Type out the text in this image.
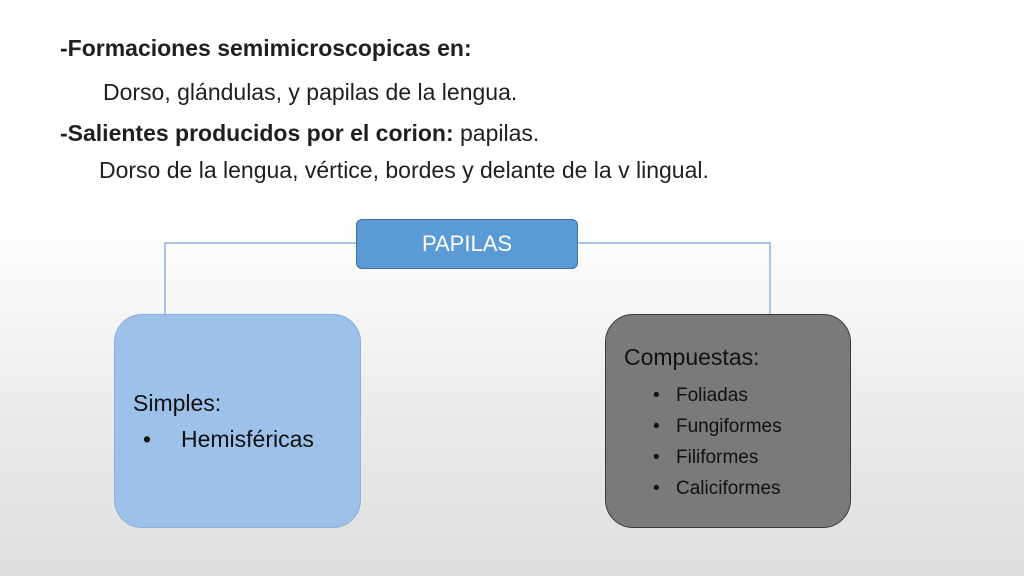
-Formaciones semimicroscopicas en:
Dorso, glándulas, y papilas de la lengua.
-Salientes producidos por el corion: papilas.
Dorso de la lengua, vértice, bordes y delante de la v lingual.
PAPILAS
Simples:
• Hemisféricas
Compuestas:
• Foliadas
• Fungiformes
• Filiformes
• Caliciformes
